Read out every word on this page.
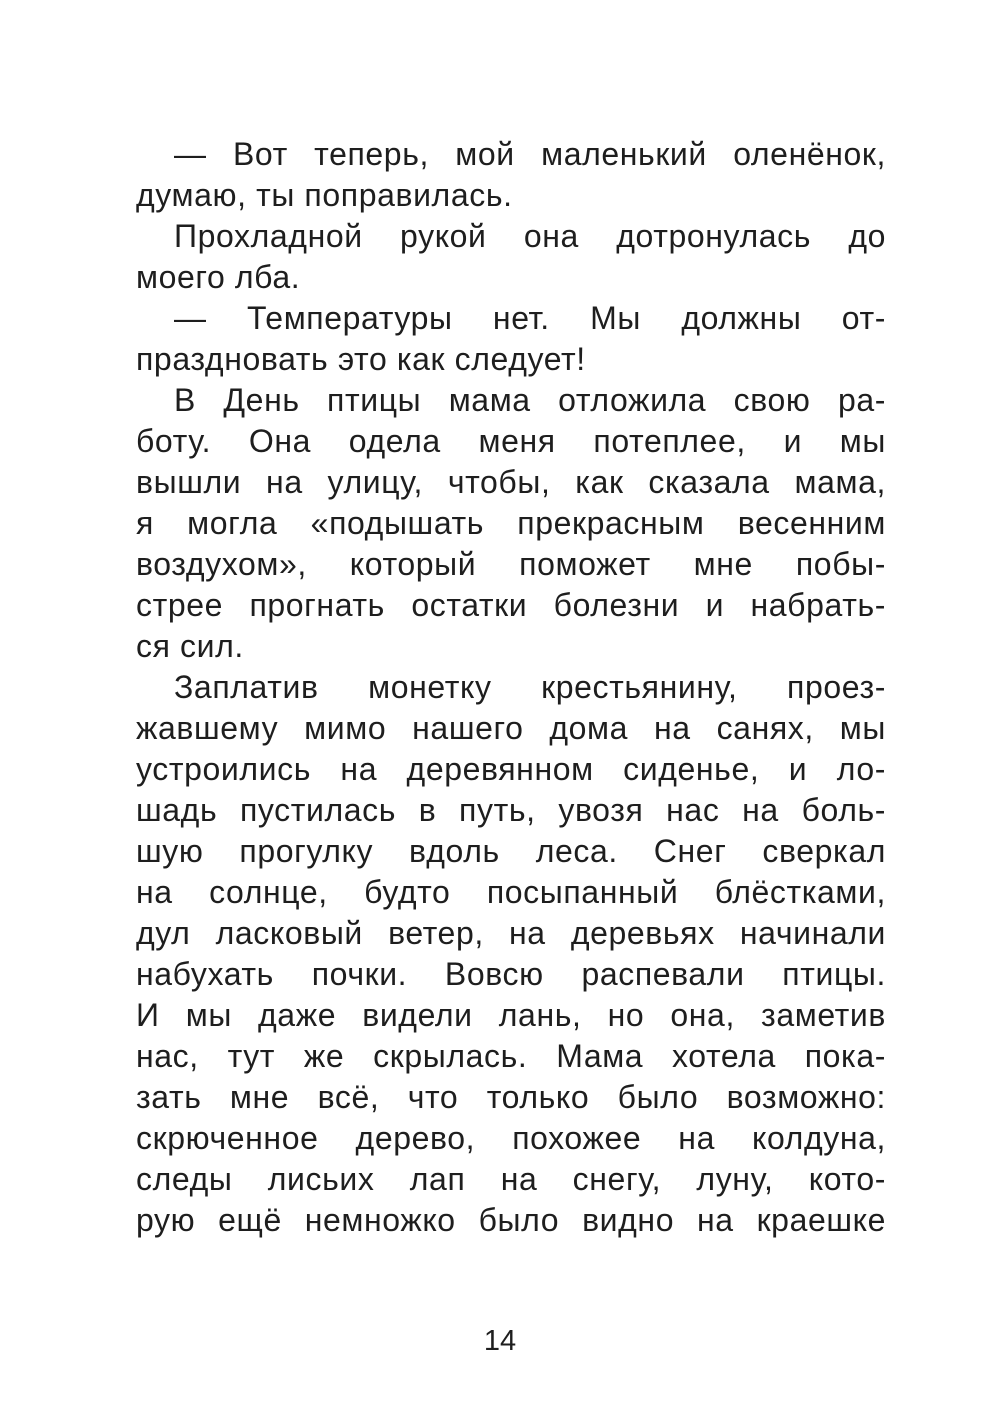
— Вот теперь, мой маленький оленёнок,
думаю, ты поправилась.
Прохладной рукой она дотронулась до
моего лба.
— Температуры нет. Мы должны от-
праздновать это как следует!
В День птицы мама отложила свою ра-
боту. Она одела меня потеплее, и мы
вышли на улицу, чтобы, как сказала мама,
я могла «подышать прекрасным весенним
воздухом», который поможет мне побы-
стрее прогнать остатки болезни и набрать-
ся сил.
Заплатив монетку крестьянину, проез-
жавшему мимо нашего дома на санях, мы
устроились на деревянном сиденье, и ло-
шадь пустилась в путь, увозя нас на боль-
шую прогулку вдоль леса. Снег сверкал
на солнце, будто посыпанный блёстками,
дул ласковый ветер, на деревьях начинали
набухать почки. Вовсю распевали птицы.
И мы даже видели лань, но она, заметив
нас, тут же скрылась. Мама хотела пока-
зать мне всё, что только было возможно:
скрюченное дерево, похожее на колдуна,
следы лисьих лап на снегу, луну, кото-
рую ещё немножко было видно на краешке
14
